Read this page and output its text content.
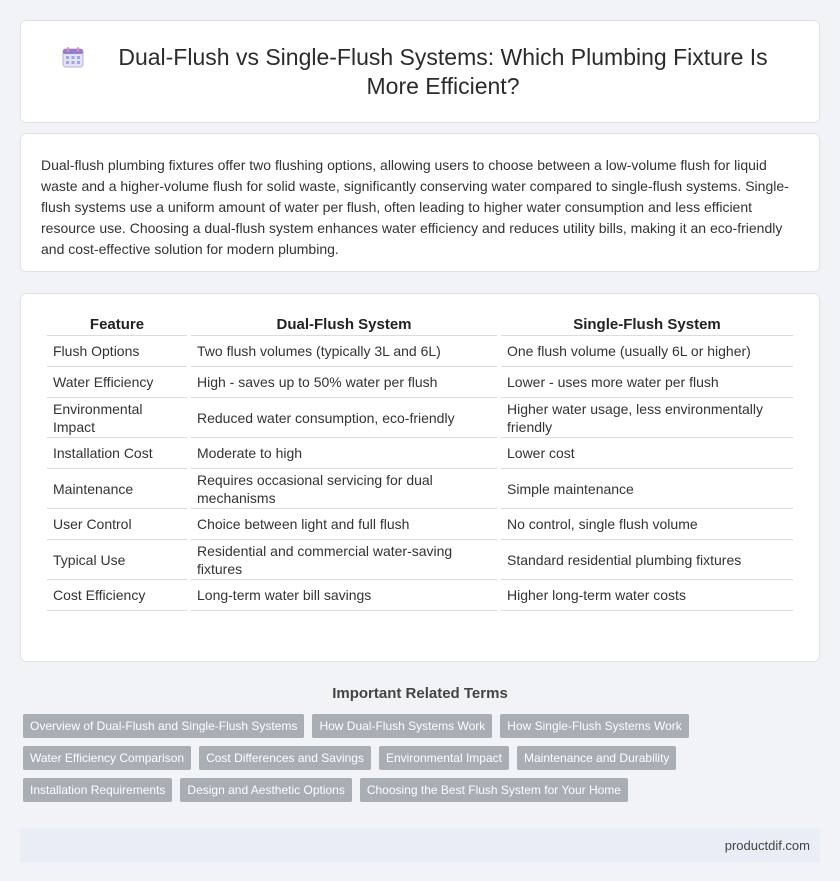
Dual-Flush vs Single-Flush Systems: Which Plumbing Fixture Is More Efficient?

Dual-flush plumbing fixtures offer two flushing options, allowing users to choose between a low-volume flush for liquid waste and a higher-volume flush for solid waste, significantly conserving water compared to single-flush systems. Single-flush systems use a uniform amount of water per flush, often leading to higher water consumption and less efficient resource use. Choosing a dual-flush system enhances water efficiency and reduces utility bills, making it an eco-friendly and cost-effective solution for modern plumbing.

Feature	Dual-Flush System	Single-Flush System
Flush Options	Two flush volumes (typically 3L and 6L)	One flush volume (usually 6L or higher)
Water Efficiency	High - saves up to 50% water per flush	Lower - uses more water per flush
Environmental Impact	Reduced water consumption, eco-friendly	Higher water usage, less environmentally friendly
Installation Cost	Moderate to high	Lower cost
Maintenance	Requires occasional servicing for dual mechanisms	Simple maintenance
User Control	Choice between light and full flush	No control, single flush volume
Typical Use	Residential and commercial water-saving fixtures	Standard residential plumbing fixtures
Cost Efficiency	Long-term water bill savings	Higher long-term water costs
Important Related Terms
Overview of Dual-Flush and Single-Flush Systems	How Dual-Flush Systems Work	How Single-Flush Systems Work
Water Efficiency Comparison	Cost Differences and Savings	Environmental Impact	Maintenance and Durability
Installation Requirements	Design and Aesthetic Options	Choosing the Best Flush System for Your Home
productdif.com
